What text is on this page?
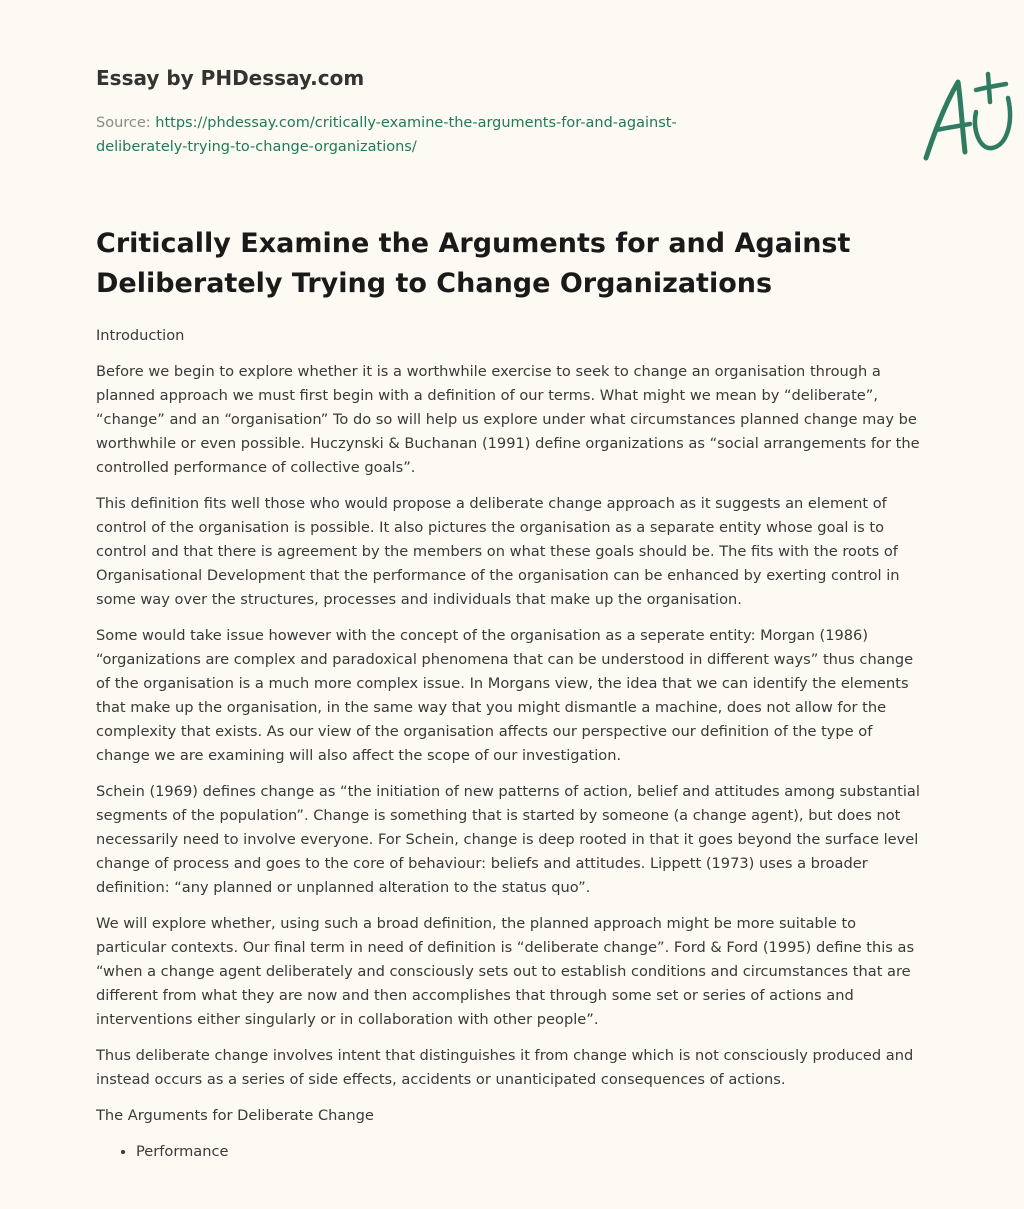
Essay by PHDessay.com
Source: https://phdessay.com/critically-examine-the-arguments-for-and-against-deliberately-trying-to-change-organizations/
Critically Examine the Arguments for and Against Deliberately Trying to Change Organizations

Introduction

Before we begin to explore whether it is a worthwhile exercise to seek to change an organisation through a planned approach we must first begin with a definition of our terms. What might we mean by “deliberate”, “change” and an “organisation” To do so will help us explore under what circumstances planned change may be worthwhile or even possible. Huczynski & Buchanan (1991) define organizations as “social arrangements for the controlled performance of collective goals”.

This definition fits well those who would propose a deliberate change approach as it suggests an element of control of the organisation is possible. It also pictures the organisation as a separate entity whose goal is to control and that there is agreement by the members on what these goals should be. The fits with the roots of Organisational Development that the performance of the organisation can be enhanced by exerting control in some way over the structures, processes and individuals that make up the organisation.

Some would take issue however with the concept of the organisation as a seperate entity: Morgan (1986) “organizations are complex and paradoxical phenomena that can be understood in different ways” thus change of the organisation is a much more complex issue. In Morgans view, the idea that we can identify the elements that make up the organisation, in the same way that you might dismantle a machine, does not allow for the complexity that exists. As our view of the organisation affects our perspective our definition of the type of change we are examining will also affect the scope of our investigation.

Schein (1969) defines change as “the initiation of new patterns of action, belief and attitudes among substantial segments of the population”. Change is something that is started by someone (a change agent), but does not necessarily need to involve everyone. For Schein, change is deep rooted in that it goes beyond the surface level change of process and goes to the core of behaviour: beliefs and attitudes. Lippett (1973) uses a broader definition: “any planned or unplanned alteration to the status quo”.

We will explore whether, using such a broad definition, the planned approach might be more suitable to particular contexts. Our final term in need of definition is “deliberate change”. Ford & Ford (1995) define this as “when a change agent deliberately and consciously sets out to establish conditions and circumstances that are different from what they are now and then accomplishes that through some set or series of actions and interventions either singularly or in collaboration with other people”.

Thus deliberate change involves intent that distinguishes it from change which is not consciously produced and instead occurs as a series of side effects, accidents or unanticipated consequences of actions.

The Arguments for Deliberate Change

• Performance
